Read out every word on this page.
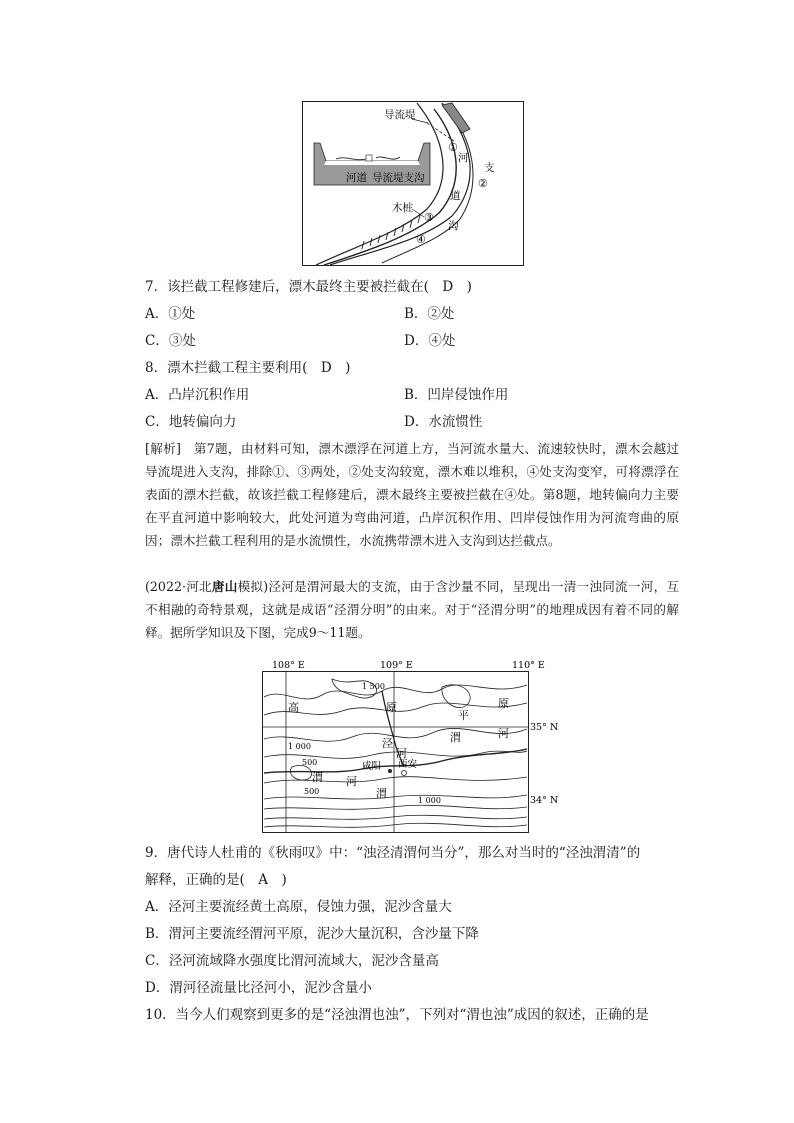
河道 导流堤支沟
导流堤
木桩
河
道
支
沟
①
②
③
④
7．该拦截工程修建后，漂木最终主要被拦截在(　D　)
A．①处	B．②处
C．③处	D．④处
8．漂木拦截工程主要利用(　D　)
A．凸岸沉积作用	B．凹岸侵蚀作用
C．地转偏向力	D．水流惯性
[解析]  第7题，由材料可知，漂木漂浮在河道上方，当河流水量大、流速较快时，漂木会越过导流堤进入支沟，排除①、③两处，②处支沟较宽，漂木难以堆积，④处支沟变窄，可将漂浮在表面的漂木拦截，故该拦截工程修建后，漂木最终主要被拦截在④处。第8题，地转偏向力主要在平直河道中影响较大，此处河道为弯曲河道，凸岸沉积作用、凹岸侵蚀作用为河流弯曲的原因；漂木拦截工程利用的是水流惯性，水流携带漂木进入支沟到达拦截点。
(2022·河北唐山模拟)泾河是渭河最大的支流，由于含沙量不同，呈现出一清一浊同流一河，互不相融的奇特景观，这就是成语“泾渭分明”的由来。对于“泾渭分明”的地理成因有着不同的解释。据所学知识及下图，完成9～11题。
108° E	109° E	110° E
35° N
34° N
1 500
1 000
500
500
1 000
高	原
平
原
泾
河
渭	河
渭 河
渭
咸阳 西安
9．唐代诗人杜甫的《秋雨叹》中：“浊泾清渭何当分”，那么对当时的“泾浊渭清”的
解释，正确的是(　A　)
A．泾河主要流经黄土高原，侵蚀力强，泥沙含量大
B．渭河主要流经渭河平原，泥沙大量沉积，含沙量下降
C．泾河流域降水强度比渭河流域大，泥沙含量高
D．渭河径流量比泾河小，泥沙含量小
10．当今人们观察到更多的是“泾浊渭也浊”，下列对“渭也浊”成因的叙述，正确的是
